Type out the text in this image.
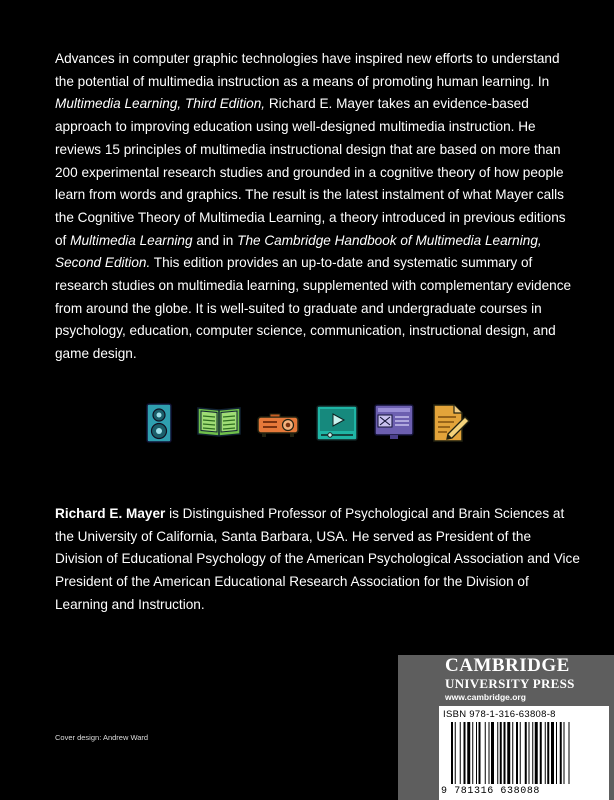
Advances in computer graphic technologies have inspired new efforts to understand the potential of multimedia instruction as a means of promoting human learning. In Multimedia Learning, Third Edition, Richard E. Mayer takes an evidence-based approach to improving education using well-designed multimedia instruction. He reviews 15 principles of multimedia instructional design that are based on more than 200 experimental research studies and grounded in a cognitive theory of how people learn from words and graphics. The result is the latest instalment of what Mayer calls the Cognitive Theory of Multimedia Learning, a theory introduced in previous editions of Multimedia Learning and in The Cambridge Handbook of Multimedia Learning, Second Edition. This edition provides an up-to-date and systematic summary of research studies on multimedia learning, supplemented with complementary evidence from around the globe. It is well-suited to graduate and undergraduate courses in psychology, education, computer science, communication, instructional design, and game design.

Richard E. Mayer is Distinguished Professor of Psychological and Brain Sciences at the University of California, Santa Barbara, USA. He served as President of the Division of Educational Psychology of the American Psychological Association and Vice President of the American Educational Research Association for the Division of Learning and Instruction.

Cover design: Andrew Ward
CAMBRIDGE
UNIVERSITY PRESS
www.cambridge.org
ISBN 978-1-316-63808-8
9 781316 638088
